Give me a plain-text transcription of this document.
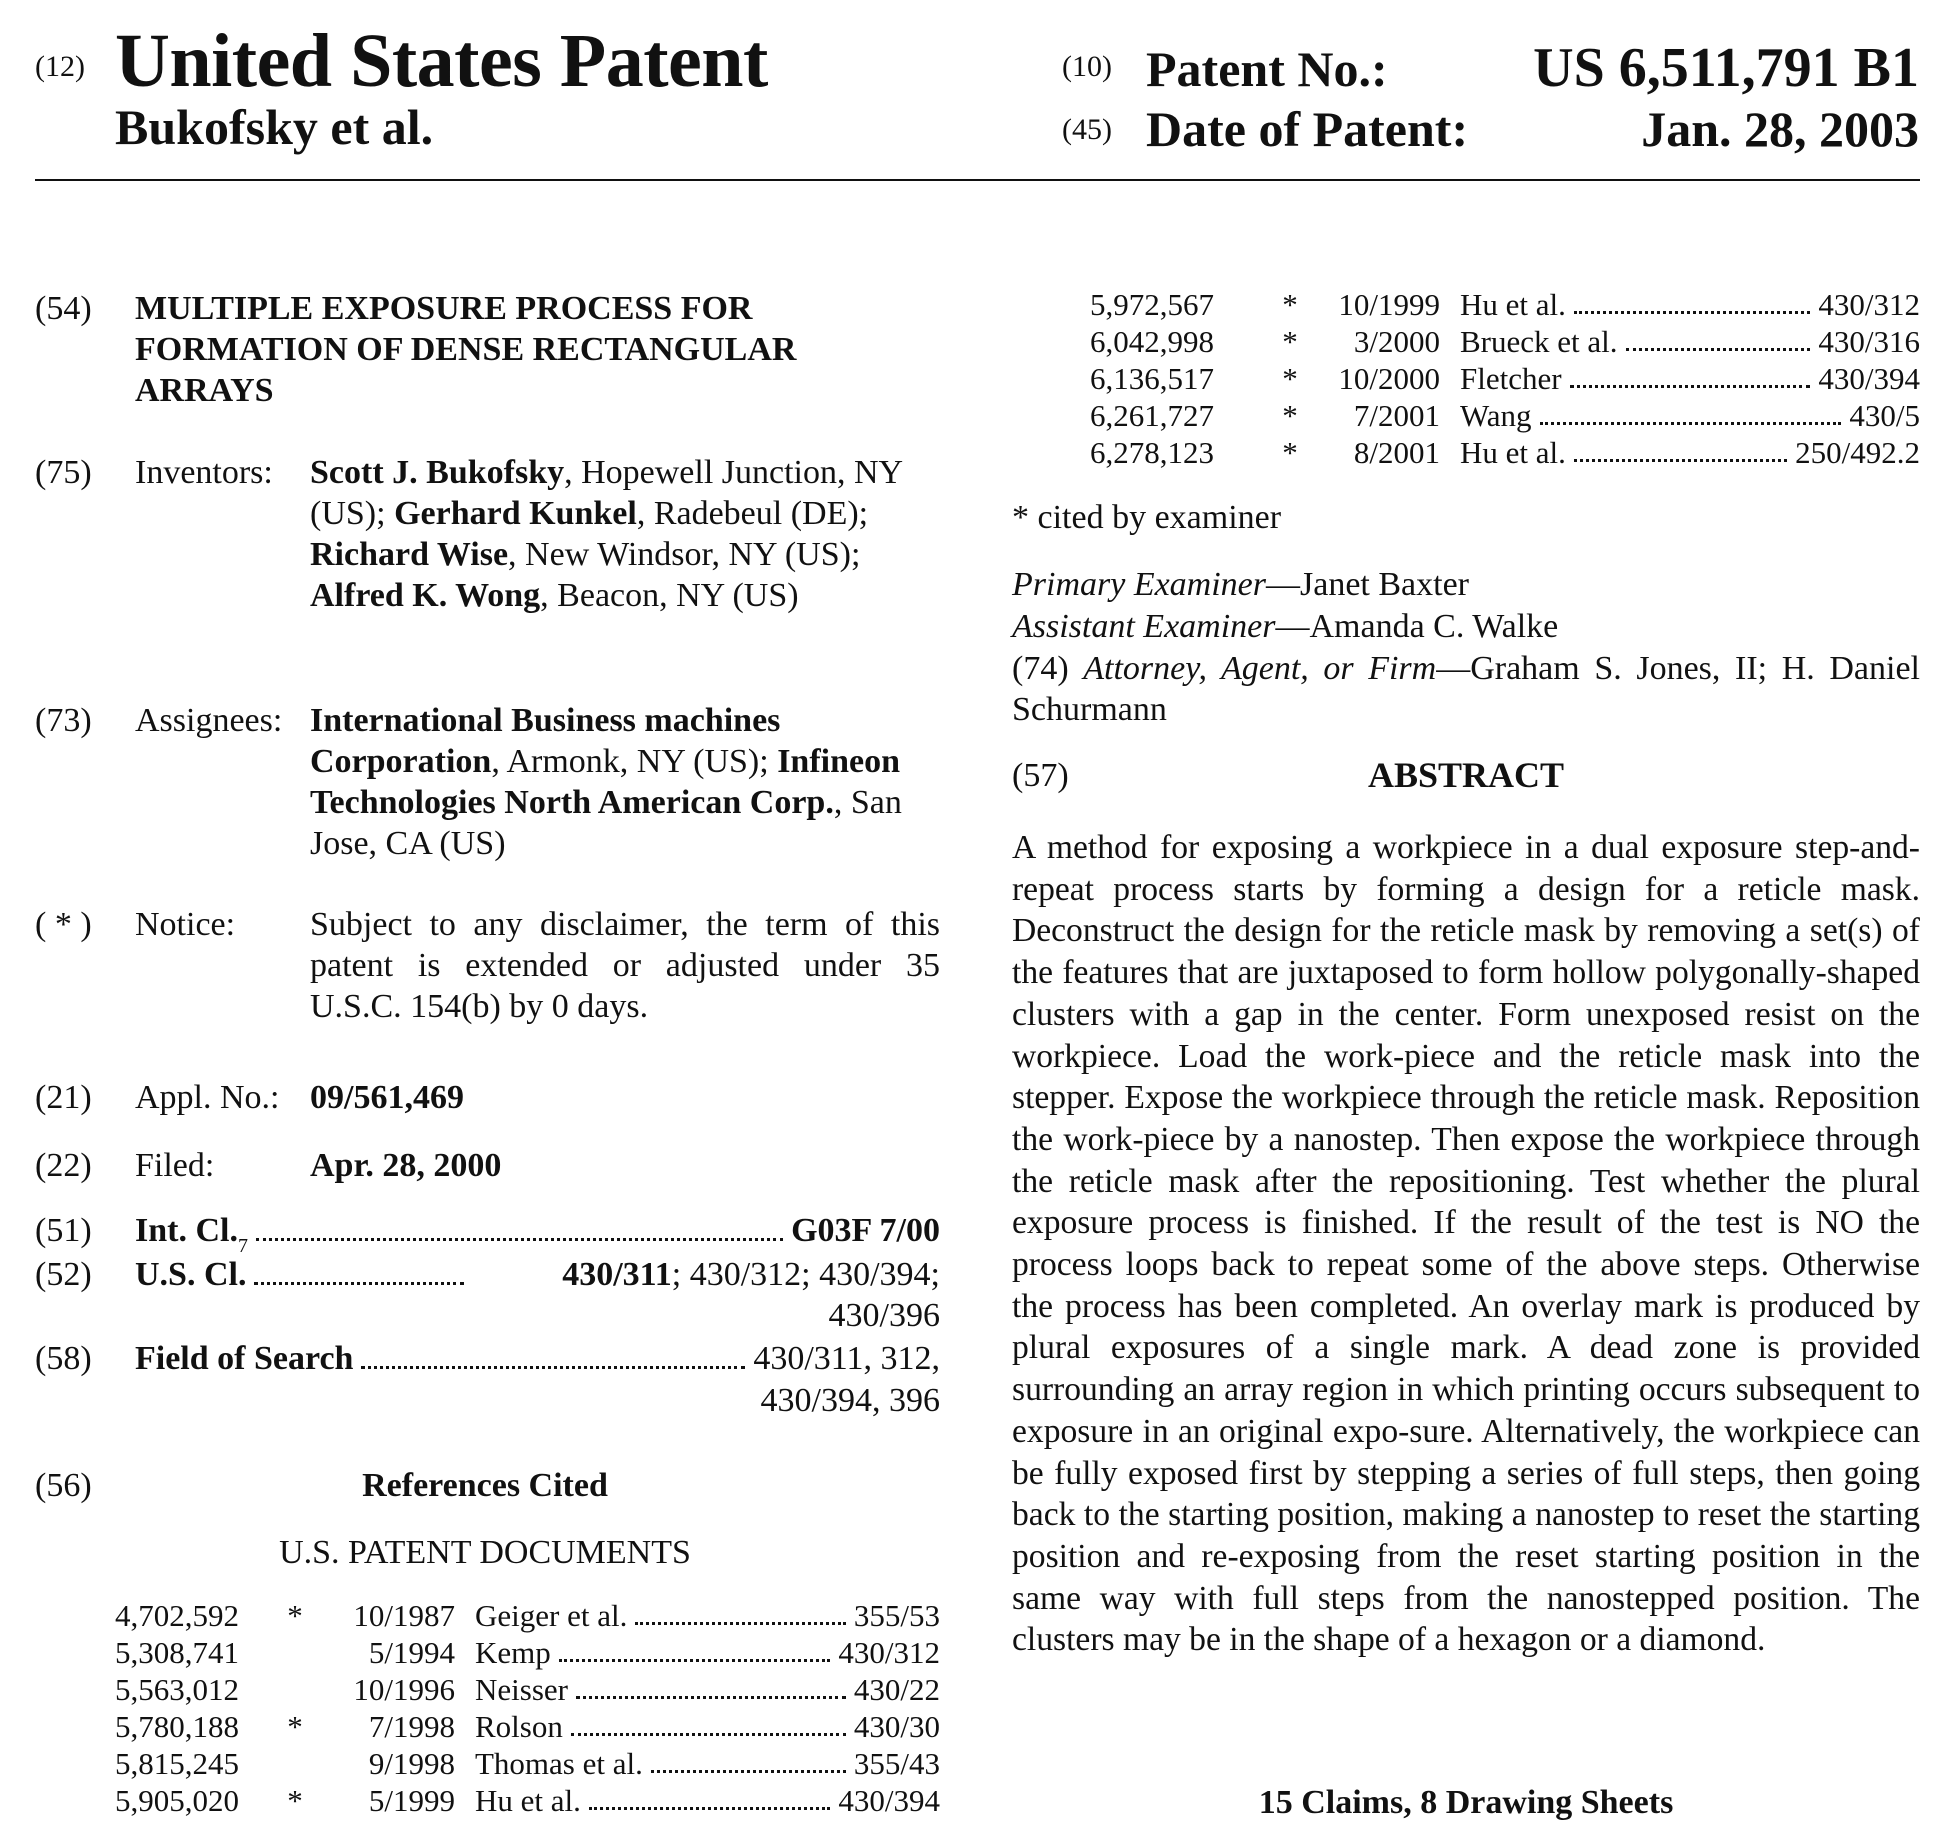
(12) United States Patent
Bukofsky et al.
(10) Patent No.:	US 6,511,791 B1
(45) Date of Patent:	Jan. 28, 2003
(54) MULTIPLE EXPOSURE PROCESS FOR FORMATION OF DENSE RECTANGULAR ARRAYS
(75) Inventors: Scott J. Bukofsky, Hopewell Junction, NY (US); Gerhard Kunkel, Radebeul (DE); Richard Wise, New Windsor, NY (US); Alfred K. Wong, Beacon, NY (US)
(73) Assignees: International Business machines Corporation, Armonk, NY (US); Infineon Technologies North American Corp., San Jose, CA (US)
( * ) Notice: Subject to any disclaimer, the term of this patent is extended or adjusted under 35 U.S.C. 154(b) by 0 days.
(21) Appl. No.: 09/561,469
(22) Filed:	Apr. 28, 2000
(51) Int. $Cl._7$	G03F 7/00
(52) U.S. Cl.	430/311; 430/312; 430/394;
430/396
(58) Field of Search	430/311, 312,
430/394, 396
(56)	References Cited
U.S. PATENT DOCUMENTS
4,702,592	*	10/1987 Geiger et al.	355/53
5,308,741	5/1994 Kemp	430/312
5,563,012	10/1996 Neisser	430/22
5,780,188	*	7/1998 Rolson	430/30
5,815,245	9/1998 Thomas et al.	355/43
5,905,020	*	5/1999 Hu et al.	430/394
5,972,567	*	10/1999 Hu et al.	430/312
6,042,998	*	3/2000 Brueck et al.	430/316
6,136,517	*	10/2000 Fletcher	430/394
6,261,727	*	7/2001 Wang	430/5
6,278,123	*	8/2001 Hu et al.	250/492.2
* cited by examiner
Primary Examiner—Janet Baxter
Assistant Examiner—Amanda C. Walke
(74) Attorney, Agent, or Firm—Graham S. Jones, II; H. Daniel Schurmann
(57)	ABSTRACT
A method for exposing a workpiece in a dual exposure step-and-repeat process starts by forming a design for a reticle mask. Deconstruct the design for the reticle mask by removing a set(s) of the features that are juxtaposed to form hollow polygonally-shaped clusters with a gap in the center. Form unexposed resist on the workpiece. Load the work-piece and the reticle mask into the stepper. Expose the workpiece through the reticle mask. Reposition the work-piece by a nanostep. Then expose the workpiece through the reticle mask after the repositioning. Test whether the plural exposure process is finished. If the result of the test is NO the process loops back to repeat some of the above steps. Otherwise the process has been completed. An overlay mark is produced by plural exposures of a single mark. A dead zone is provided surrounding an array region in which printing occurs subsequent to exposure in an original expo-sure. Alternatively, the workpiece can be fully exposed first by stepping a series of full steps, then going back to the starting position, making a nanostep to reset the starting position and re-exposing from the reset starting position in the same way with full steps from the nanostepped position. The clusters may be in the shape of a hexagon or a diamond.
15 Claims, 8 Drawing Sheets
